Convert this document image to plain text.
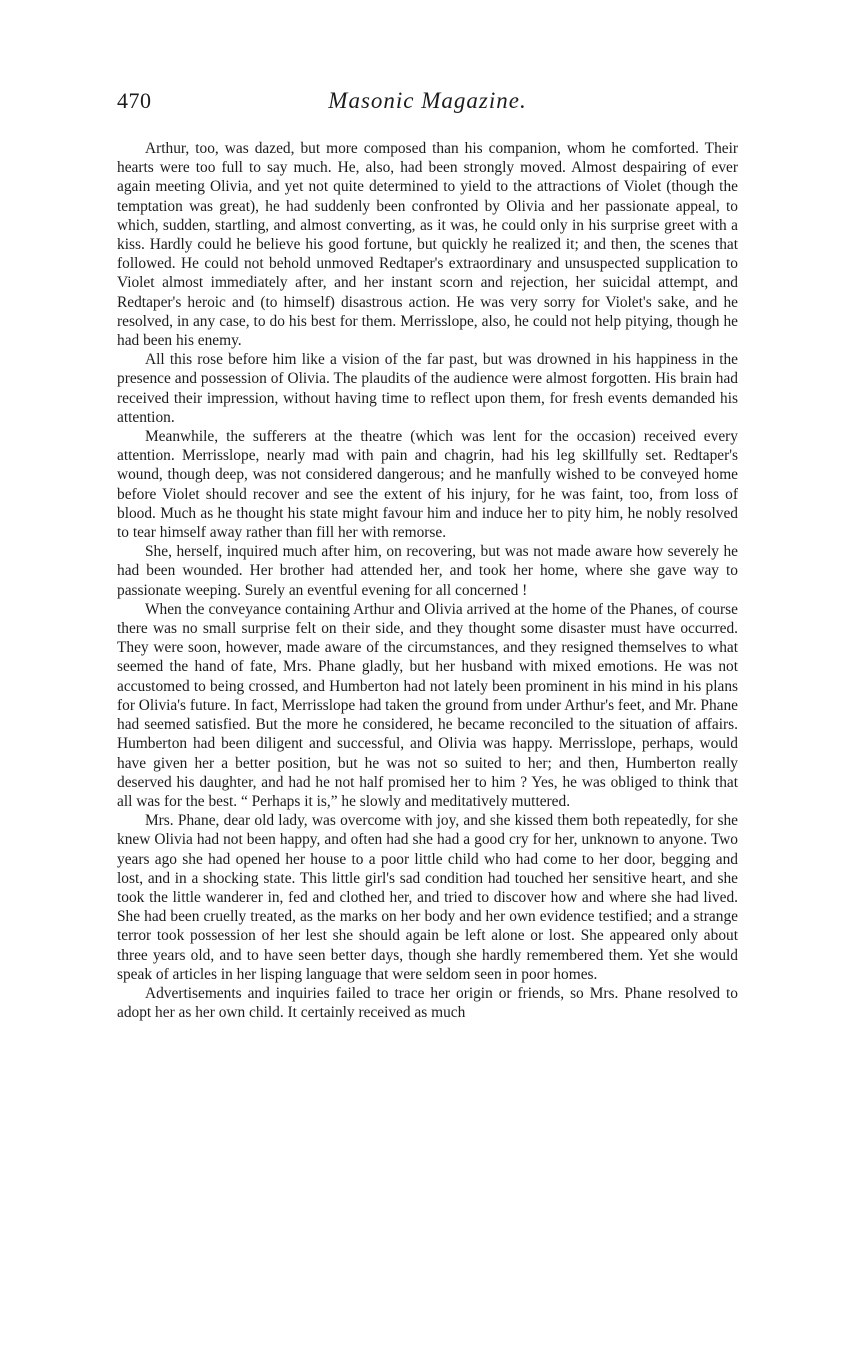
470	Masonic Magazine.

Arthur, too, was dazed, but more composed than his companion, whom he comforted. Their hearts were too full to say much. He, also, had been strongly moved. Almost despairing of ever again meeting Olivia, and yet not quite determined to yield to the attractions of Violet (though the temptation was great), he had suddenly been confronted by Olivia and her passionate appeal, to which, sudden, startling, and almost converting, as it was, he could only in his surprise greet with a kiss. Hardly could he believe his good fortune, but quickly he realized it; and then, the scenes that followed. He could not behold unmoved Redtaper's extraordinary and unsuspected supplication to Violet almost immediately after, and her instant scorn and rejection, her suicidal attempt, and Redtaper's heroic and (to himself) disastrous action. He was very sorry for Violet's sake, and he resolved, in any case, to do his best for them. Merrisslope, also, he could not help pitying, though he had been his enemy.

All this rose before him like a vision of the far past, but was drowned in his happiness in the presence and possession of Olivia. The plaudits of the audience were almost forgotten. His brain had received their impression, without having time to reflect upon them, for fresh events demanded his attention.

Meanwhile, the sufferers at the theatre (which was lent for the occasion) received every attention. Merrisslope, nearly mad with pain and chagrin, had his leg skillfully set. Redtaper's wound, though deep, was not considered dangerous; and he manfully wished to be conveyed home before Violet should recover and see the extent of his injury, for he was faint, too, from loss of blood. Much as he thought his state might favour him and induce her to pity him, he nobly resolved to tear himself away rather than fill her with remorse.

She, herself, inquired much after him, on recovering, but was not made aware how severely he had been wounded. Her brother had attended her, and took her home, where she gave way to passionate weeping. Surely an eventful evening for all concerned !

When the conveyance containing Arthur and Olivia arrived at the home of the Phanes, of course there was no small surprise felt on their side, and they thought some disaster must have occurred. They were soon, however, made aware of the circumstances, and they resigned themselves to what seemed the hand of fate, Mrs. Phane gladly, but her husband with mixed emotions. He was not accustomed to being crossed, and Humberton had not lately been prominent in his mind in his plans for Olivia's future. In fact, Merrisslope had taken the ground from under Arthur's feet, and Mr. Phane had seemed satisfied. But the more he considered, he became reconciled to the situation of affairs. Humberton had been diligent and successful, and Olivia was happy. Merrisslope, perhaps, would have given her a better position, but he was not so suited to her; and then, Humberton really deserved his daughter, and had he not half promised her to him ? Yes, he was obliged to think that all was for the best. “ Perhaps it is,” he slowly and meditatively muttered.

Mrs. Phane, dear old lady, was overcome with joy, and she kissed them both repeatedly, for she knew Olivia had not been happy, and often had she had a good cry for her, unknown to anyone. Two years ago she had opened her house to a poor little child who had come to her door, begging and lost, and in a shocking state. This little girl's sad condition had touched her sensitive heart, and she took the little wanderer in, fed and clothed her, and tried to discover how and where she had lived. She had been cruelly treated, as the marks on her body and her own evidence testified; and a strange terror took possession of her lest she should again be left alone or lost. She appeared only about three years old, and to have seen better days, though she hardly remembered them. Yet she would speak of articles in her lisping language that were seldom seen in poor homes.

Advertisements and inquiries failed to trace her origin or friends, so Mrs. Phane resolved to adopt her as her own child. It certainly received as much
